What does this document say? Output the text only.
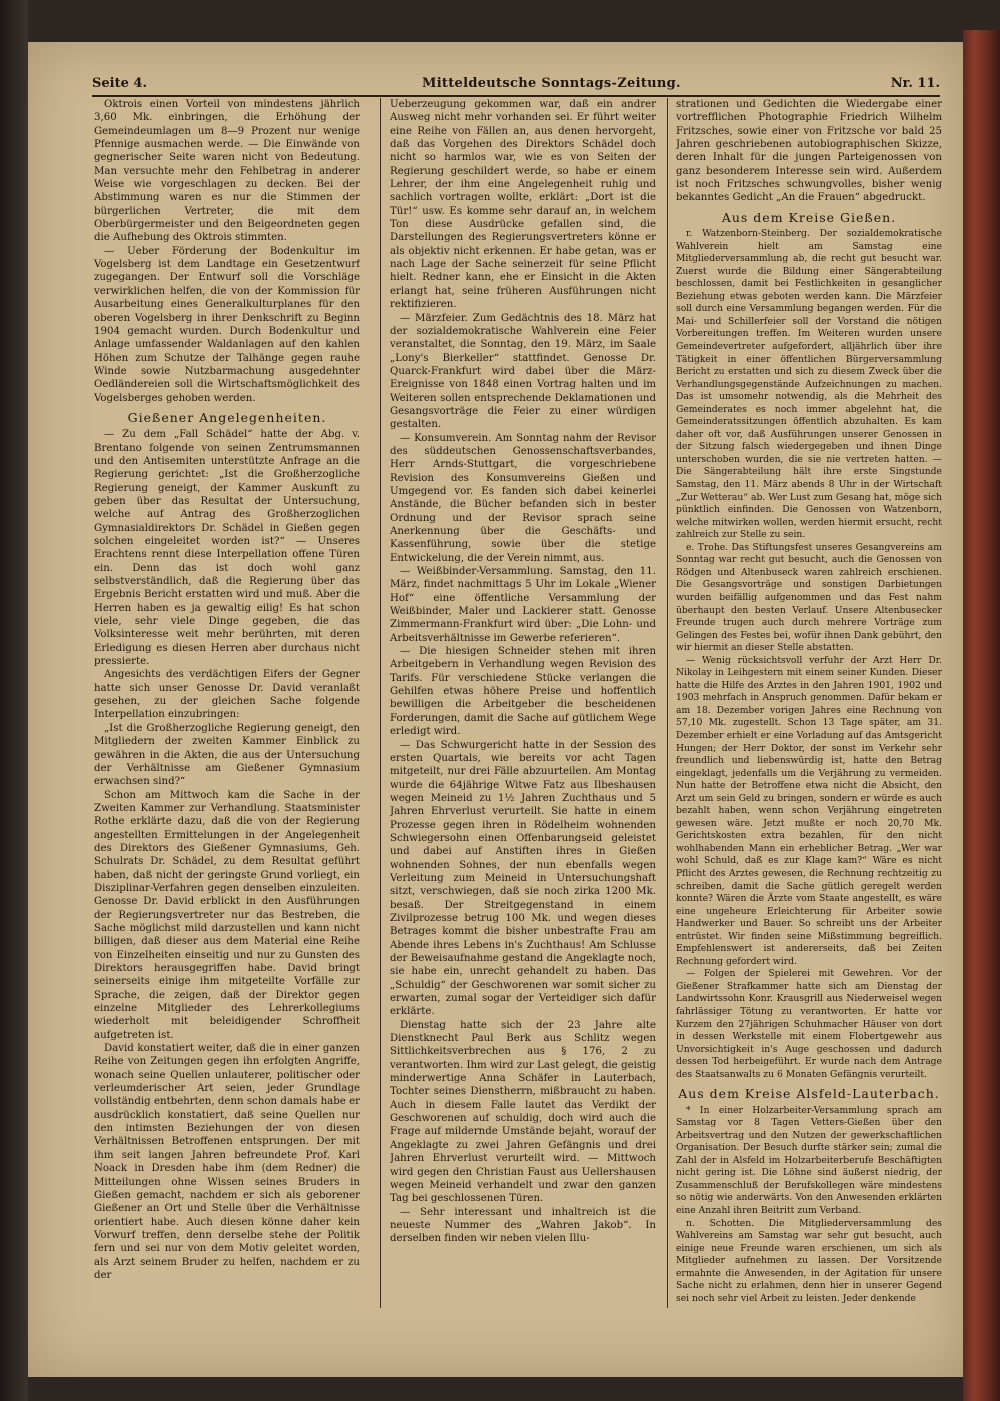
Seite 4.	Mitteldeutsche Sonntags-Zeitung.	Nr. 11.

Oktrois einen Vorteil von mindestens jährlich 3,60 Mk. einbringen, die Erhöhung der Gemeindeumlagen um 8—9 Prozent nur wenige Pfennige ausmachen werde. — Die Einwände von gegnerischer Seite waren nicht von Bedeutung. Man versuchte mehr den Fehlbetrag in anderer Weise wie vorgeschlagen zu decken. Bei der Abstimmung waren es nur die Stimmen der bürgerlichen Vertreter, die mit dem Oberbürgermeister und den Beigeordneten gegen die Aufhebung des Oktrois stimmten.

— Ueber Förderung der Bodenkultur im Vogelsberg ist dem Landtage ein Gesetzentwurf zugegangen. Der Entwurf soll die Vorschläge verwirklichen helfen, die von der Kommission für Ausarbeitung eines Generalkulturplanes für den oberen Vogelsberg in ihrer Denkschrift zu Beginn 1904 gemacht wurden. Durch Bodenkultur und Anlage umfassender Waldanlagen auf den kahlen Höhen zum Schutze der Talhänge gegen rauhe Winde sowie Nutzbarmachung ausgedehnter Oedländereien soll die Wirtschaftsmöglichkeit des Vogelsberges gehoben werden.

Gießener Angelegenheiten.

— Zu dem „Fall Schädel“ hatte der Abg. v. Brentano folgende von seinen Zentrumsmannen und den Antisemiten unterstützte Anfrage an die Regierung gerichtet: „Ist die Großherzogliche Regierung geneigt, der Kammer Auskunft zu geben über das Resultat der Untersuchung, welche auf Antrag des Großherzoglichen Gymnasialdirektors Dr. Schädel in Gießen gegen solchen eingeleitet worden ist?“ — Unseres Erachtens rennt diese Interpellation offene Türen ein. Denn das ist doch wohl ganz selbstverständlich, daß die Regierung über das Ergebnis Bericht erstatten wird und muß. Aber die Herren haben es ja gewaltig eilig! Es hat schon viele, sehr viele Dinge gegeben, die das Volksinteresse weit mehr berührten, mit deren Erledigung es diesen Herren aber durchaus nicht pressierte.

Angesichts des verdächtigen Eifers der Gegner hatte sich unser Genosse Dr. David veranlaßt gesehen, zu der gleichen Sache folgende Interpellation einzubringen:

„Ist die Großherzogliche Regierung geneigt, den Mitgliedern der zweiten Kammer Einblick zu gewähren in die Akten, die aus der Untersuchung der Verhältnisse am Gießener Gymnasium erwachsen sind?“

Schon am Mittwoch kam die Sache in der Zweiten Kammer zur Verhandlung. Staatsminister Rothe erklärte dazu, daß die von der Regierung angestellten Ermittelungen in der Angelegenheit des Direktors des Gießener Gymnasiums, Geh. Schulrats Dr. Schädel, zu dem Resultat geführt haben, daß nicht der geringste Grund vorliegt, ein Disziplinar-Verfahren gegen denselben einzuleiten. Genosse Dr. David erblickt in den Ausführungen der Regierungsvertreter nur das Bestreben, die Sache möglichst mild darzustellen und kann nicht billigen, daß dieser aus dem Material eine Reihe von Einzelheiten einseitig und nur zu Gunsten des Direktors herausgegriffen habe. David bringt seinerseits einige ihm mitgeteilte Vorfälle zur Sprache, die zeigen, daß der Direktor gegen einzelne Mitglieder des Lehrerkollegiums wiederholt mit beleidigender Schroffheit aufgetreten ist.

David konstatiert weiter, daß die in einer ganzen Reihe von Zeitungen gegen ihn erfolgten Angriffe, wonach seine Quellen unlauterer, politischer oder verleumderischer Art seien, jeder Grundlage vollständig entbehrten, denn schon damals habe er ausdrücklich konstatiert, daß seine Quellen nur den intimsten Beziehungen der von diesen Verhältnissen Betroffenen entsprungen. Der mit ihm seit langen Jahren befreundete Prof. Karl Noack in Dresden habe ihm (dem Redner) die Mitteilungen ohne Wissen seines Bruders in Gießen gemacht, nachdem er sich als geborener Gießener an Ort und Stelle über die Verhältnisse orientiert habe. Auch diesen könne daher kein Vorwurf treffen, denn derselbe stehe der Politik fern und sei nur von dem Motiv geleitet worden, als Arzt seinem Bruder zu helfen, nachdem er zu der

Ueberzeugung gekommen war, daß ein andrer Ausweg nicht mehr vorhanden sei. Er führt weiter eine Reihe von Fällen an, aus denen hervorgeht, daß das Vorgehen des Direktors Schädel doch nicht so harmlos war, wie es von Seiten der Regierung geschildert werde, so habe er einem Lehrer, der ihm eine Angelegenheit ruhig und sachlich vortragen wollte, erklärt: „Dort ist die Tür!“ usw. Es komme sehr darauf an, in welchem Ton diese Ausdrücke gefallen sind, die Darstellungen des Regierungsvertreters könne er als objektiv nicht erkennen. Er habe getan, was er nach Lage der Sache seinerzeit für seine Pflicht hielt. Redner kann, ehe er Einsicht in die Akten erlangt hat, seine früheren Ausführungen nicht rektifizieren.

— Märzfeier. Zum Gedächtnis des 18. März hat der sozialdemokratische Wahlverein eine Feier veranstaltet, die Sonntag, den 19. März, im Saale „Lony's Bierkeller“ stattfindet. Genosse Dr. Quarck-Frankfurt wird dabei über die März-Ereignisse von 1848 einen Vortrag halten und im Weiteren sollen entsprechende Deklamationen und Gesangsvorträge die Feier zu einer würdigen gestalten.

— Konsumverein. Am Sonntag nahm der Revisor des süddeutschen Genossenschaftsverbandes, Herr Arnds-Stuttgart, die vorgeschriebene Revision des Konsumvereins Gießen und Umgegend vor. Es fanden sich dabei keinerlei Anstände, die Bücher befanden sich in bester Ordnung und der Revisor sprach seine Anerkennung über die Geschäfts- und Kassenführung, sowie über die stetige Entwickelung, die der Verein nimmt, aus.

— Weißbinder-Versammlung. Samstag, den 11. März, findet nachmittags 5 Uhr im Lokale „Wiener Hof“ eine öffentliche Versammlung der Weißbinder, Maler und Lackierer statt. Genosse Zimmermann-Frankfurt wird über: „Die Lohn- und Arbeitsverhältnisse im Gewerbe referieren“.

— Die hiesigen Schneider stehen mit ihren Arbeitgebern in Verhandlung wegen Revision des Tarifs. Für verschiedene Stücke verlangen die Gehilfen etwas höhere Preise und hoffentlich bewilligen die Arbeitgeber die bescheidenen Forderungen, damit die Sache auf gütlichem Wege erledigt wird.

— Das Schwurgericht hatte in der Session des ersten Quartals, wie bereits vor acht Tagen mitgeteilt, nur drei Fälle abzuurteilen. Am Montag wurde die 64jährige Witwe Fatz aus Ilbeshausen wegen Meineid zu 1½ Jahren Zuchthaus und 5 Jahren Ehrverlust verurteilt. Sie hatte in einem Prozesse gegen ihren in Rödelheim wohnenden Schwiegersohn einen Offenbarungseid geleistet und dabei auf Anstiften ihres in Gießen wohnenden Sohnes, der nun ebenfalls wegen Verleitung zum Meineid in Untersuchungshaft sitzt, verschwiegen, daß sie noch zirka 1200 Mk. besaß. Der Streitgegenstand in einem Zivilprozesse betrug 100 Mk. und wegen dieses Betrages kommt die bisher unbestrafte Frau am Abende ihres Lebens in's Zuchthaus! Am Schlusse der Beweisaufnahme gestand die Angeklagte noch, sie habe ein, unrecht gehandelt zu haben. Das „Schuldig“ der Geschworenen war somit sicher zu erwarten, zumal sogar der Verteidiger sich dafür erklärte.

Dienstag hatte sich der 23 Jahre alte Dienstknecht Paul Berk aus Schlitz wegen Sittlichkeitsverbrechen aus § 176, 2 zu verantworten. Ihm wird zur Last gelegt, die geistig minderwertige Anna Schäfer in Lauterbach, Tochter seines Dienstherrn, mißbraucht zu haben. Auch in diesem Falle lautet das Verdikt der Geschworenen auf schuldig, doch wird auch die Frage auf mildernde Umstände bejaht, worauf der Angeklagte zu zwei Jahren Gefängnis und drei Jahren Ehrverlust verurteilt wird. — Mittwoch wird gegen den Christian Faust aus Uellershausen wegen Meineid verhandelt und zwar den ganzen Tag bei geschlossenen Türen.

— Sehr interessant und inhaltreich ist die neueste Nummer des „Wahren Jakob“. In derselben finden wir neben vielen Illu-

strationen und Gedichten die Wiedergabe einer vortrefflichen Photographie Friedrich Wilhelm Fritzsches, sowie einer von Fritzsche vor bald 25 Jahren geschriebenen autobiographischen Skizze, deren Inhalt für die jungen Parteigenossen von ganz besonderem Interesse sein wird. Außerdem ist noch Fritzsches schwungvolles, bisher wenig bekanntes Gedicht „An die Frauen“ abgedruckt.

Aus dem Kreise Gießen.

r. Watzenborn-Steinberg. Der sozialdemokratische Wahlverein hielt am Samstag eine Mitgliederversammlung ab, die recht gut besucht war. Zuerst wurde die Bildung einer Sängerabteilung beschlossen, damit bei Festlichkeiten in gesanglicher Beziehung etwas geboten werden kann. Die Märzfeier soll durch eine Versammlung begangen werden. Für die Mai- und Schillerfeier soll der Vorstand die nötigen Vorbereitungen treffen. Im Weiteren wurden unsere Gemeindevertreter aufgefordert, alljährlich über ihre Tätigkeit in einer öffentlichen Bürgerversammlung Bericht zu erstatten und sich zu diesem Zweck über die Verhandlungsgegenstände Aufzeichnungen zu machen. Das ist umsomehr notwendig, als die Mehrheit des Gemeinderates es noch immer abgelehnt hat, die Gemeinderatssitzungen öffentlich abzuhalten. Es kam daher oft vor, daß Ausführungen unserer Genossen in der Sitzung falsch wiedergegeben und ihnen Dinge unterschoben wurden, die sie nie vertreten hatten. — Die Sängerabteilung hält ihre erste Singstunde Samstag, den 11. März abends 8 Uhr in der Wirtschaft „Zur Wetterau“ ab. Wer Lust zum Gesang hat, möge sich pünktlich einfinden. Die Genossen von Watzenborn, welche mitwirken wollen, werden hiermit ersucht, recht zahlreich zur Stelle zu sein.

e. Trohe. Das Stiftungsfest unseres Gesangvereins am Sonntag war recht gut besucht, auch die Genossen von Rödgen und Altenbuseck waren zahlreich erschienen. Die Gesangsvorträge und sonstigen Darbietungen wurden beifällig aufgenommen und das Fest nahm überhaupt den besten Verlauf. Unsere Altenbusecker Freunde trugen auch durch mehrere Vorträge zum Gelingen des Festes bei, wofür ihnen Dank gebührt, den wir hiermit an dieser Stelle abstatten.

— Wenig rücksichtsvoll verfuhr der Arzt Herr Dr. Nikolay in Leihgestern mit einem seiner Kunden. Dieser hatte die Hilfe des Arztes in den Jahren 1901, 1902 und 1903 mehrfach in Anspruch genommen. Dafür bekam er am 18. Dezember vorigen Jahres eine Rechnung von 57,10 Mk. zugestellt. Schon 13 Tage später, am 31. Dezember erhielt er eine Vorladung auf das Amtsgericht Hungen; der Herr Doktor, der sonst im Verkehr sehr freundlich und liebenswürdig ist, hatte den Betrag eingeklagt, jedenfalls um die Verjährung zu vermeiden. Nun hatte der Betroffene etwa nicht die Absicht, den Arzt um sein Geld zu bringen, sondern er würde es auch bezahlt haben, wenn schon Verjährung eingetreten gewesen wäre. Jetzt mußte er noch 20,70 Mk. Gerichtskosten extra bezahlen, für den nicht wohlhabenden Mann ein erheblicher Betrag. „Wer war wohl Schuld, daß es zur Klage kam?“ Wäre es nicht Pflicht des Arztes gewesen, die Rechnung rechtzeitig zu schreiben, damit die Sache gütlich geregelt werden konnte? Wären die Ärzte vom Staate angestellt, es wäre eine ungeheure Erleichterung für Arbeiter sowie Handwerker und Bauer. So schreibt uns der Arbeiter entrüstet. Wir finden seine Mißstimmung begreiflich. Empfehlenswert ist andererseits, daß bei Zeiten Rechnung gefordert wird.

— Folgen der Spielerei mit Gewehren. Vor der Gießener Strafkammer hatte sich am Dienstag der Landwirtssohn Konr. Krausgrill aus Niederweisel wegen fahrlässiger Tötung zu verantworten. Er hatte vor Kurzem den 27jährigen Schuhmacher Häuser von dort in dessen Werkstelle mit einem Flobertgewehr aus Unvorsichtigkeit in's Auge geschossen und dadurch dessen Tod herbeigeführt. Er wurde nach dem Antrage des Staatsanwalts zu 6 Monaten Gefängnis verurteilt.

Aus dem Kreise Alsfeld-Lauterbach.

* In einer Holzarbeiter-Versammlung sprach am Samstag vor 8 Tagen Vetters-Gießen über den Arbeitsvertrag und den Nutzen der gewerkschaftlichen Organisation. Der Besuch durfte stärker sein; zumal die Zahl der in Alsfeld im Holzarbeiterberufe Beschäftigten nicht gering ist. Die Löhne sind äußerst niedrig, der Zusammenschluß der Berufskollegen wäre mindestens so nötig wie anderwärts. Von den Anwesenden erklärten eine Anzahl ihren Beitritt zum Verband.

n. Schotten. Die Mitgliederversammlung des Wahlvereins am Samstag war sehr gut besucht, auch einige neue Freunde waren erschienen, um sich als Mitglieder aufnehmen zu lassen. Der Vorsitzende ermahnte die Anwesenden, in der Agitation für unsere Sache nicht zu erlahmen, denn hier in unserer Gegend sei noch sehr viel Arbeit zu leisten. Jeder denkende
